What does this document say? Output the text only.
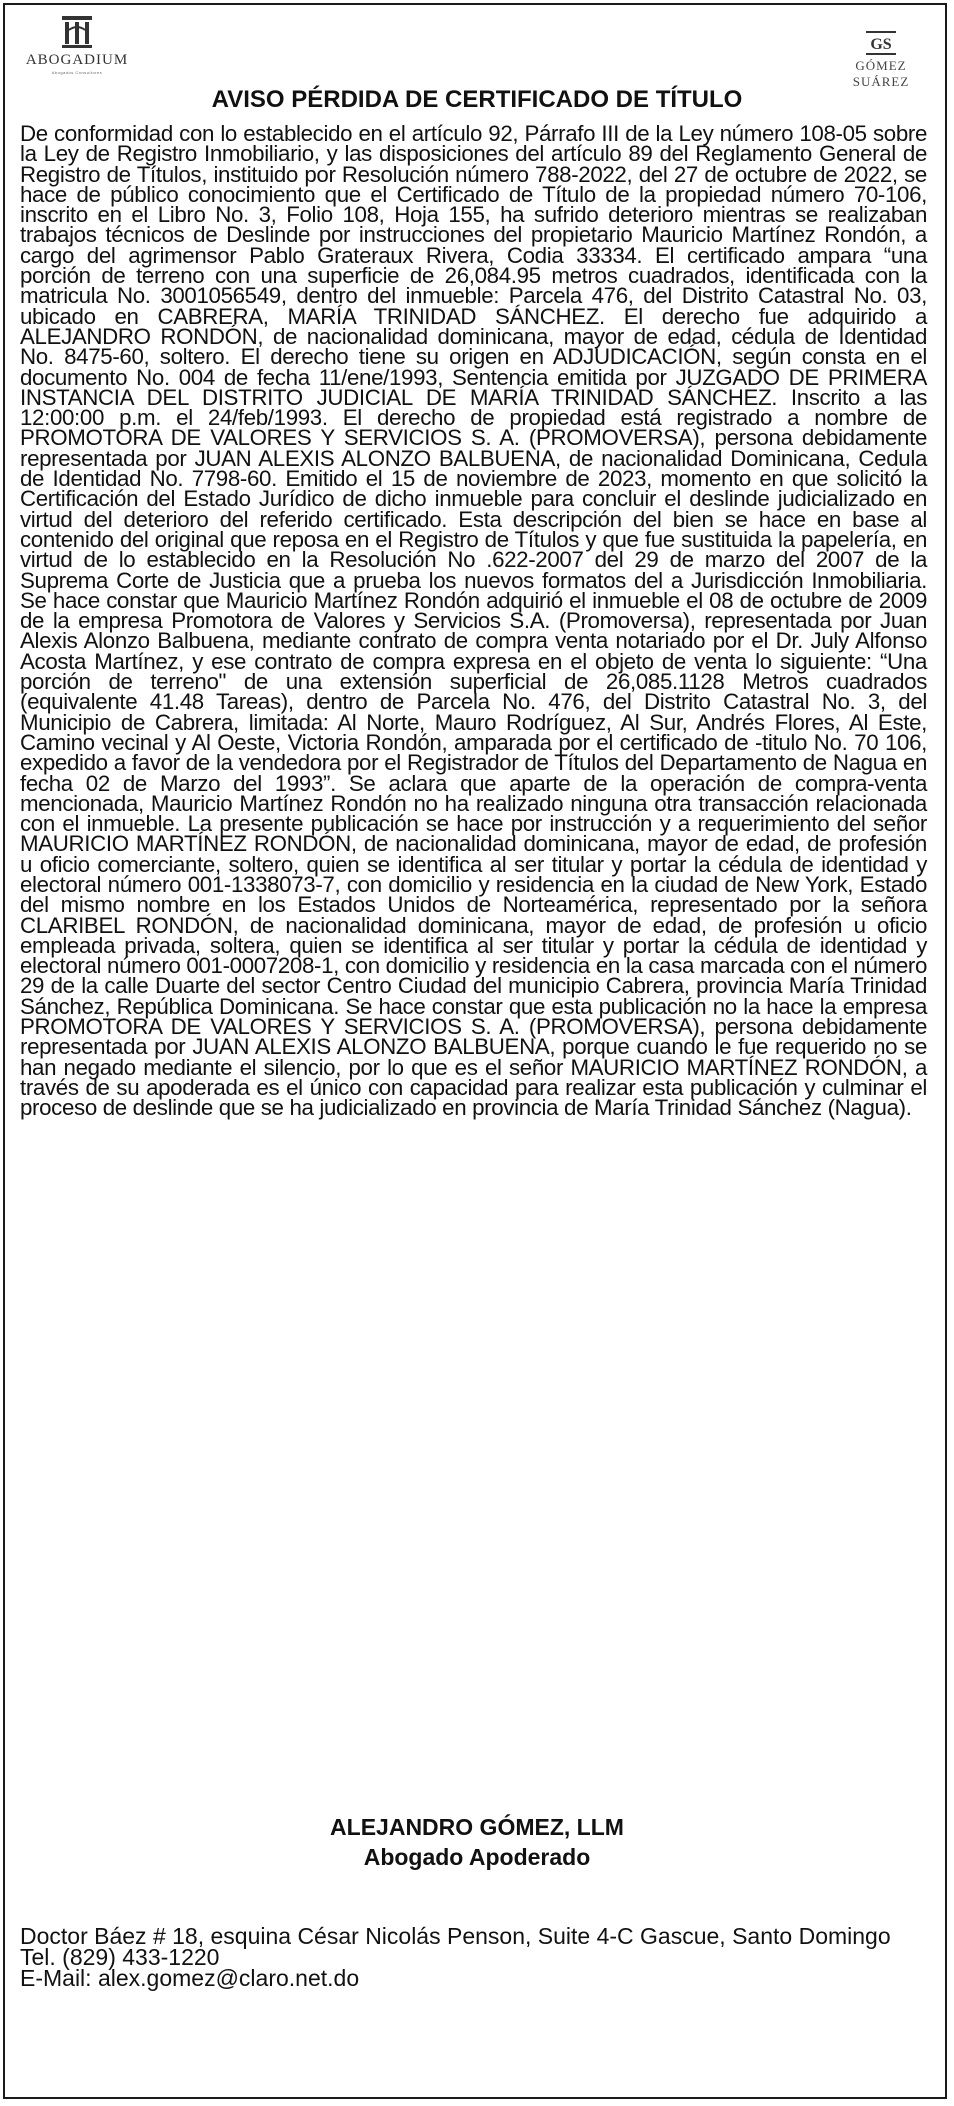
ABOGADIUM
Abogados Consultores
GS
GÓMEZ SUÁREZ
AVISO PÉRDIDA DE CERTIFICADO DE TÍTULO
De conformidad con lo establecido en el artículo 92, Párrafo III de la Ley número 108-05 sobre la Ley de Registro Inmobiliario, y las disposiciones del artículo 89 del Reglamento General de Registro de Títulos, instituido por Resolución número 788-2022, del 27 de octubre de 2022, se hace de público conocimiento que el Certificado de Título de la propiedad número 70-106, inscrito en el Libro No. 3, Folio 108, Hoja 155, ha sufrido deterioro mientras se realizaban trabajos técnicos de Deslinde por instrucciones del propietario Mauricio Martínez Rondón, a cargo del agrimensor Pablo Grateraux Rivera, Codia 33334. El certificado ampara “una porción de terreno con una superficie de 26,084.95 metros cuadrados, identificada con la matricula No. 3001056549, dentro del inmueble: Parcela 476, del Distrito Catastral No. 03, ubicado en CABRERA, MARÍA TRINIDAD SÁNCHEZ. El derecho fue adquirido a ALEJANDRO RONDÓN, de nacionalidad dominicana, mayor de edad, cédula de Identidad No. 8475-60, soltero. El derecho tiene su origen en ADJUDICACIÓN, según consta en el documento No. 004 de fecha 11/ene/1993, Sentencia emitida por JUZGADO DE PRIMERA INSTANCIA DEL DISTRITO JUDICIAL DE MARÍA TRINIDAD SÁNCHEZ. Inscrito a las 12:00:00 p.m. el 24/feb/1993. El derecho de propiedad está registrado a nombre de PROMOTORA DE VALORES Y SERVICIOS S. A. (PROMOVERSA), persona debidamente representada por JUAN ALEXIS ALONZO BALBUENA, de nacionalidad Dominicana, Cedula de Identidad No. 7798-60. Emitido el 15 de noviembre de 2023, momento en que solicitó la Certificación del Estado Jurídico de dicho inmueble para concluir el deslinde judicializado en virtud del deterioro del referido certificado. Esta descripción del bien se hace en base al contenido del original que reposa en el Registro de Títulos y que fue sustituida la papelería, en virtud de lo establecido en la Resolución No .622-2007 del 29 de marzo del 2007 de la Suprema Corte de Justicia que a prueba los nuevos formatos del a Jurisdicción Inmobiliaria. Se hace constar que Mauricio Martínez Rondón adquirió el inmueble el 08 de octubre de 2009 de la empresa Promotora de Valores y Servicios S.A. (Promoversa), representada por Juan Alexis Alonzo Balbuena, mediante contrato de compra venta notariado por el Dr. July Alfonso Acosta Martínez, y ese contrato de compra expresa en el objeto de venta lo siguiente: “Una porción de terreno" de una extensión superficial de 26,085.1128 Metros cuadrados (equivalente 41.48 Tareas), dentro de Parcela No. 476, del Distrito Catastral No. 3, del Municipio de Cabrera, limitada: Al Norte, Mauro Rodríguez, Al Sur, Andrés Flores, Al Este, Camino vecinal y Al Oeste, Victoria Rondón, amparada por el certificado de -titulo No. 70 106, expedido a favor de la vendedora por el Registrador de Títulos del Departamento de Nagua en fecha 02 de Marzo del 1993”. Se aclara que aparte de la operación de compra-venta mencionada, Mauricio Martínez Rondón no ha realizado ninguna otra transacción relacionada con el inmueble. La presente publicación se hace por instrucción y a requerimiento del señor MAURICIO MARTÍNEZ RONDÓN, de nacionalidad dominicana, mayor de edad, de profesión u oficio comerciante, soltero, quien se identifica al ser titular y portar la cédula de identidad y electoral número 001-1338073-7, con domicilio y residencia en la ciudad de New York, Estado del mismo nombre en los Estados Unidos de Norteamérica, representado por la señora CLARIBEL RONDÓN, de nacionalidad dominicana, mayor de edad, de profesión u oficio empleada privada, soltera, quien se identifica al ser titular y portar la cédula de identidad y electoral número 001-0007208-1, con domicilio y residencia en la casa marcada con el número 29 de la calle Duarte del sector Centro Ciudad del municipio Cabrera, provincia María Trinidad Sánchez, República Dominicana. Se hace constar que esta publicación no la hace la empresa PROMOTORA DE VALORES Y SERVICIOS S. A. (PROMOVERSA), persona debidamente representada por JUAN ALEXIS ALONZO BALBUENA, porque cuando le fue requerido no se han negado mediante el silencio, por lo que es el señor MAURICIO MARTÍNEZ RONDÓN, a través de su apoderada es el único con capacidad para realizar esta publicación y culminar el proceso de deslinde que se ha judicializado en provincia de María Trinidad Sánchez (Nagua).
ALEJANDRO GÓMEZ, LLM
Abogado Apoderado
Doctor Báez # 18, esquina César Nicolás Penson, Suite 4-C Gascue, Santo Domingo
Tel. (829) 433-1220
E-Mail: alex.gomez@claro.net.do
